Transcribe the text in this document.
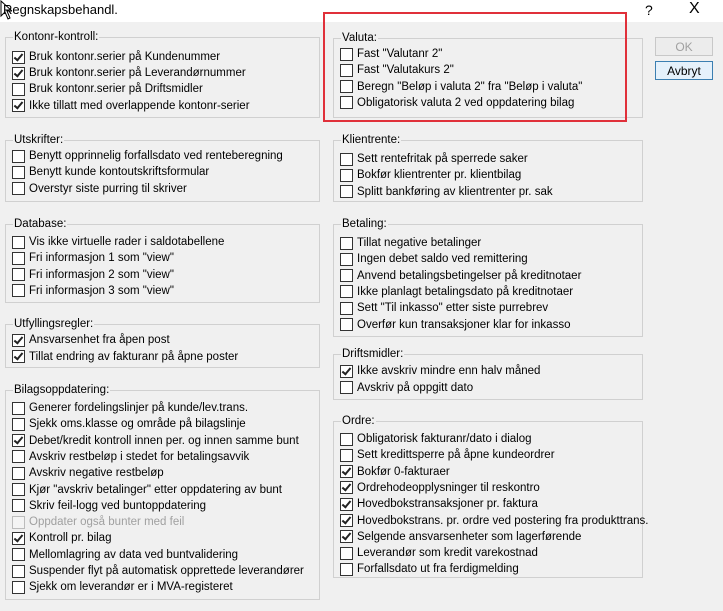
Regnskapsbehandl.	? X
Kontonr-kontroll:
Utskrifter:
Database:
Utfyllingsregler:
Bilagsoppdatering:
Valuta:
Klientrente:
Betaling:
Driftsmidler:
Ordre:
Bruk kontonr.serier på Kundenummer
Bruk kontonr.serier på Leverandørnummer
Bruk kontonr.serier på Driftsmidler
Ikke tillatt med overlappende kontonr-serier
Benytt opprinnelig forfallsdato ved renteberegning
Benytt kunde kontoutskriftsformular
Overstyr siste purring til skriver
Vis ikke virtuelle rader i saldotabellene
Fri informasjon 1 som "view"
Fri informasjon 2 som "view"
Fri informasjon 3 som "view"
Ansvarsenhet fra åpen post
Tillat endring av fakturanr på åpne poster
Generer fordelingslinjer på kunde/lev.trans.
Sjekk oms.klasse og område på bilagslinje
Debet/kredit kontroll innen per. og innen samme bunt
Avskriv restbeløp i stedet for betalingsavvik
Avskriv negative restbeløp
Kjør "avskriv betalinger" etter oppdatering av bunt
Skriv feil-logg ved buntoppdatering
Oppdater også bunter med feil
Kontroll pr. bilag
Mellomlagring av data ved buntvalidering
Suspender flyt på automatisk opprettede leverandører
Sjekk om leverandør er i MVA-registeret
Fast "Valutanr 2"
Fast "Valutakurs 2"
Beregn "Beløp i valuta 2" fra "Beløp i valuta"
Obligatorisk valuta 2 ved oppdatering bilag
Sett rentefritak på sperrede saker
Bokfør klientrenter pr. klientbilag
Splitt bankføring av klientrenter pr. sak
Tillat negative betalinger
Ingen debet saldo ved remittering
Anvend betalingsbetingelser på kreditnotaer
Ikke planlagt betalingsdato på kreditnotaer
Sett "Til inkasso" etter siste purrebrev
Overfør kun transaksjoner klar for inkasso
Ikke avskriv mindre enn halv måned
Avskriv på oppgitt dato
Obligatorisk fakturanr/dato i dialog
Sett kredittsperre på åpne kundeordrer
Bokfør 0-fakturaer
Ordrehodeopplysninger til reskontro
Hovedbokstransaksjoner pr. faktura
Hovedbokstrans. pr. ordre ved postering fra produkttrans.
Selgende ansvarsenheter som lagerførende
Leverandør som kredit varekostnad
Forfallsdato ut fra ferdigmelding
OK
Avbryt
